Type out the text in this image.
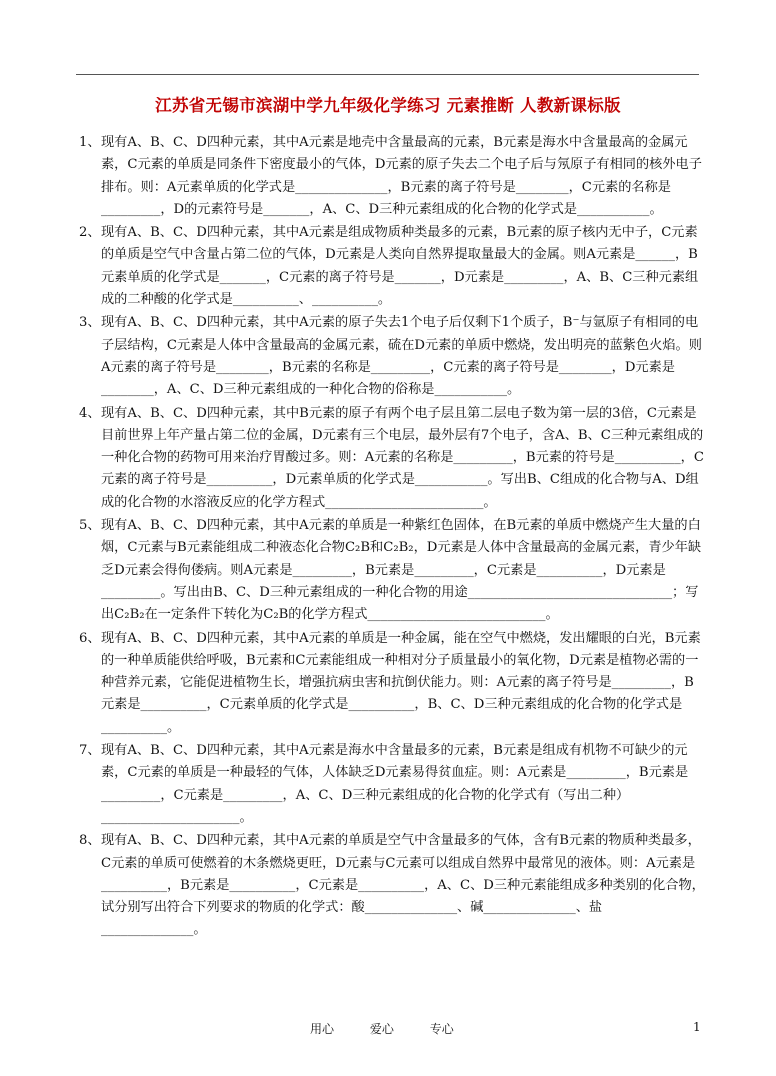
江苏省无锡市滨湖中学九年级化学练习 元素推断 人教新课标版
1、 现有A、B、C、D四种元素，其中A元素是地壳中含量最高的元素，B元素是海水中含量最高的金属元素，C元素的单质是同条件下密度最小的气体，D元素的原子失去二个电子后与氖原子有相同的核外电子排布。则：A元素单质的化学式是______________，B元素的离子符号是________，C元素的名称是_________，D的元素符号是_______，A、C、D三种元素组成的化合物的化学式是___________。
2、 现有A、B、C、D四种元素，其中A元素是组成物质种类最多的元素，B元素的原子核内无中子，C元素的单质是空气中含量占第二位的气体，D元素是人类向自然界提取量最大的金属。则A元素是______，B元素单质的化学式是_______，C元素的离子符号是_______，D元素是_________，A、B、C三种元素组成的二种酸的化学式是__________、__________。
3、 现有A、B、C、D四种元素，其中A元素的原子失去1个电子后仅剩下1个质子，B⁻与氩原子有相同的电子层结构，C元素是人体中含量最高的金属元素，硫在D元素的单质中燃烧，发出明亮的蓝紫色火焰。则A元素的离子符号是________，B元素的名称是_________，C元素的离子符号是________，D元素是________，A、C、D三种元素组成的一种化合物的俗称是___________。
4、 现有A、B、C、D四种元素，其中B元素的原子有两个电子层且第二层电子数为第一层的3倍，C元素是目前世界上年产量占第二位的金属，D元素有三个电层，最外层有7个电子，含A、B、C三种元素组成的一种化合物的药物可用来治疗胃酸过多。则：A元素的名称是_________，B元素的符号是__________，C元素的离子符号是__________，D元素单质的化学式是___________。写出B、C组成的化合物与A、D组成的化合物的水溶液反应的化学方程式________________________。
5、 现有A、B、C、D四种元素，其中A元素的单质是一种紫红色固体，在B元素的单质中燃烧产生大量的白烟，C元素与B元素能组成二种液态化合物C₂B和C₂B₂，D元素是人体中含量最高的金属元素，青少年缺乏D元素会得佝偻病。则A元素是_________，B元素是_________，C元素是__________，D元素是_________。写出由B、C、D三种元素组成的一种化合物的用途_______________________________；写出C₂B₂在一定条件下转化为C₂B的化学方程式___________________________。
6、 现有A、B、C、D四种元素，其中A元素的单质是一种金属，能在空气中燃烧，发出耀眼的白光，B元素的一种单质能供给呼吸，B元素和C元素能组成一种相对分子质量最小的氧化物，D元素是植物必需的一种营养元素，它能促进植物生长，增强抗病虫害和抗倒伏能力。则：A元素的离子符号是_________，B元素是__________，C元素单质的化学式是__________，B、C、D三种元素组成的化合物的化学式是__________。
7、 现有A、B、C、D四种元素，其中A元素是海水中含量最多的元素，B元素是组成有机物不可缺少的元素，C元素的单质是一种最轻的气体，人体缺乏D元素易得贫血症。则：A元素是_________，B元素是_________，C元素是_________，A、C、D三种元素组成的化合物的化学式有（写出二种）_____________________。
8、 现有A、B、C、D四种元素，其中A元素的单质是空气中含量最多的气体，含有B元素的物质种类最多，C元素的单质可使燃着的木条燃烧更旺，D元素与C元素可以组成自然界中最常见的液体。则：A元素是__________，B元素是__________，C元素是__________，A、C、D三种元素能组成多种类别的化合物，试分别写出符合下列要求的物质的化学式：酸______________、碱______________、盐______________。
用心	爱心	专心	1
